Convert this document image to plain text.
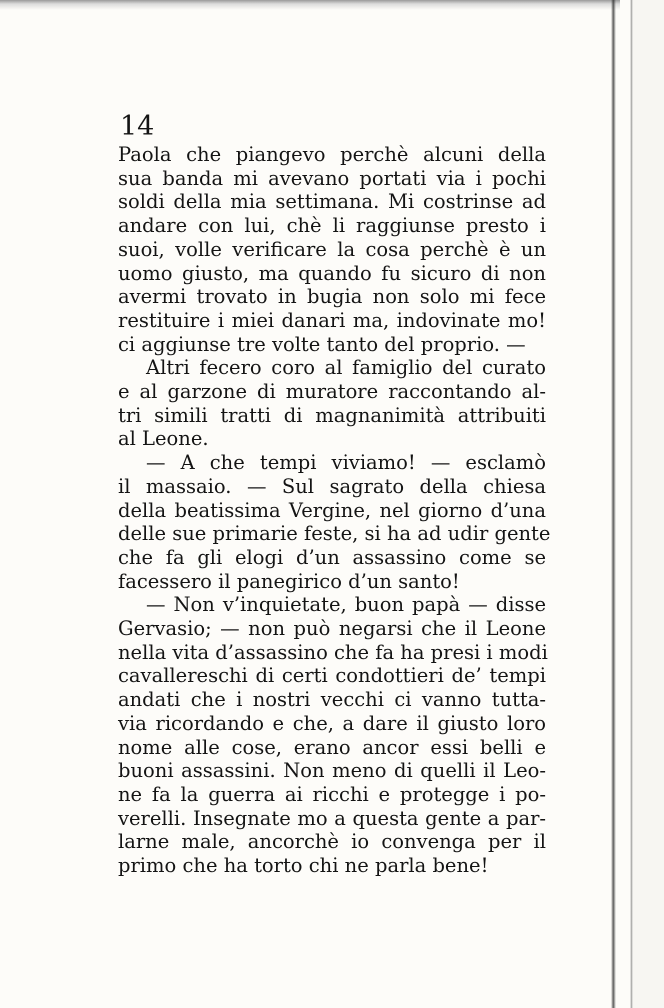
14
Paola che piangevo perchè alcuni della
sua banda mi avevano portati via i pochi
soldi della mia settimana. Mi costrinse ad
andare con lui, chè li raggiunse presto i
suoi, volle verificare la cosa perchè è un
uomo giusto, ma quando fu sicuro di non
avermi trovato in bugia non solo mi fece
restituire i miei danari ma, indovinate mo!
ci aggiunse tre volte tanto del proprio. —
Altri fecero coro al famiglio del curato
e al garzone di muratore raccontando al-
tri simili tratti di magnanimità attribuiti
al Leone.
— A che tempi viviamo! — esclamò
il massaio. — Sul sagrato della chiesa
della beatissima Vergine, nel giorno d’una
delle sue primarie feste, si ha ad udir gente
che fa gli elogi d’un assassino come se
facessero il panegirico d’un santo!
— Non v’inquietate, buon papà — disse
Gervasio; — non può negarsi che il Leone
nella vita d’assassino che fa ha presi i modi
cavallereschi di certi condottieri de’ tempi
andati che i nostri vecchi ci vanno tutta-
via ricordando e che, a dare il giusto loro
nome alle cose, erano ancor essi belli e
buoni assassini. Non meno di quelli il Leo-
ne fa la guerra ai ricchi e protegge i po-
verelli. Insegnate mo a questa gente a par-
larne male, ancorchè io convenga per il
primo che ha torto chi ne parla bene!
